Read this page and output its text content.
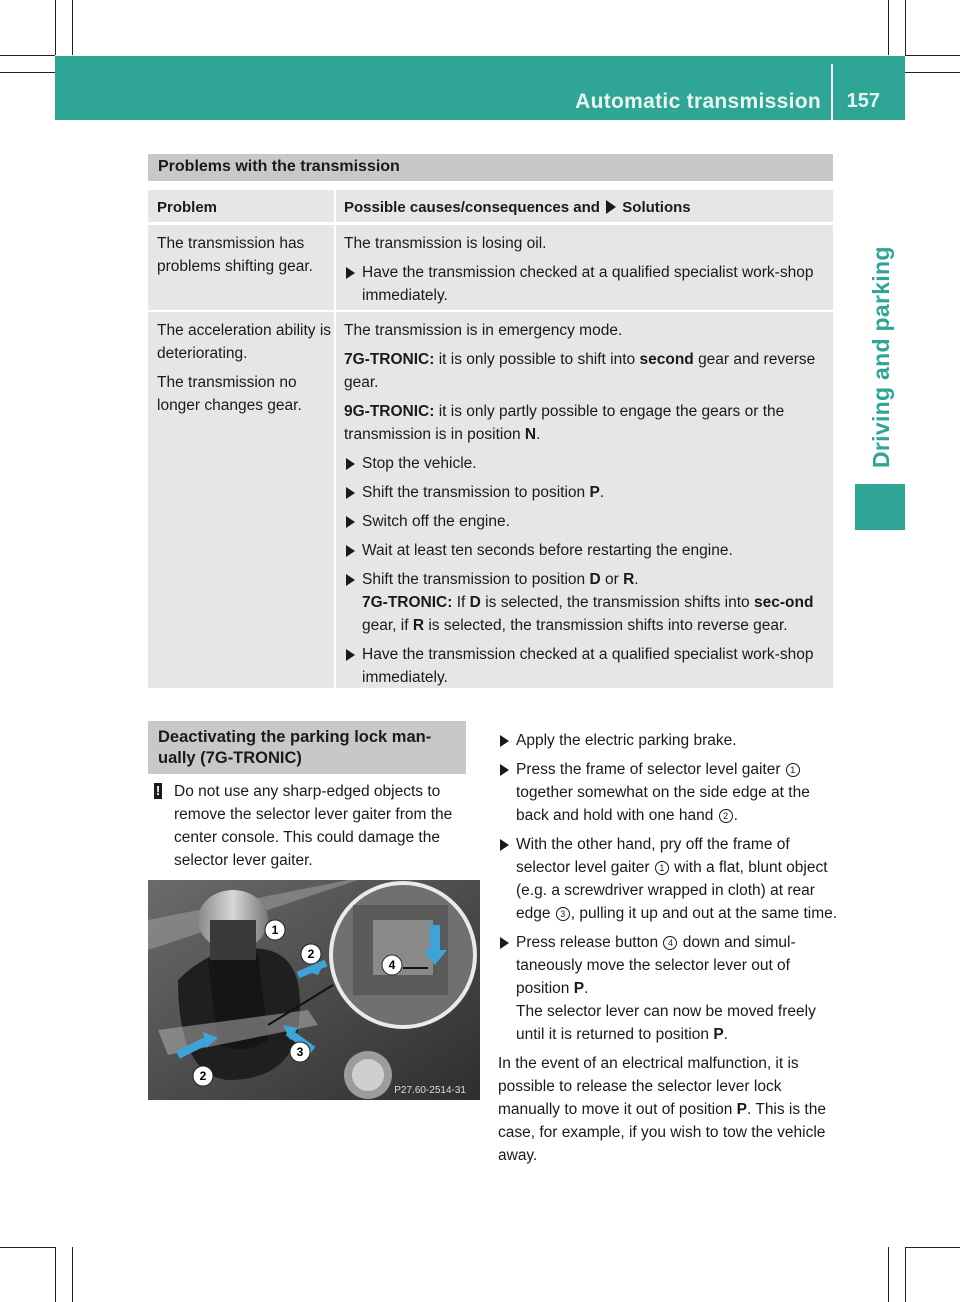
Automatic transmission 157
Driving and parking
Problems with the transmission
Problem	Possible causes/consequences and Solutions
The transmission has problems shifting gear.
The transmission is losing oil.
Have the transmission checked at a qualified specialist work-shop immediately.
The acceleration ability is deteriorating.
The transmission no longer changes gear.
The transmission is in emergency mode.
7G-TRONIC: it is only possible to shift into second gear and reverse gear.
9G-TRONIC: it is only partly possible to engage the gears or the transmission is in position N.
Stop the vehicle.
Shift the transmission to position P.
Switch off the engine.
Wait at least ten seconds before restarting the engine.
Shift the transmission to position D or R.
7G-TRONIC: If D is selected, the transmission shifts into sec-ond gear, if R is selected, the transmission shifts into reverse gear.
Have the transmission checked at a qualified specialist work-shop immediately.
Deactivating the parking lock man-ually (7G-TRONIC)
! Do not use any sharp-edged objects to remove the selector lever gaiter from the center console. This could damage the selector lever gaiter.
1
2
2
3
4
P27.60-2514-31
Apply the electric parking brake.
Press the frame of selector level gaiter 1 together somewhat on the side edge at the back and hold with one hand 2 .
With the other hand, pry off the frame of selector level gaiter 1 with a flat, blunt object (e.g. a screwdriver wrapped in cloth) at rear edge 3 , pulling it up and out at the same time.
Press release button 4 down and simul-taneously move the selector lever out of position P.
The selector lever can now be moved freely until it is returned to position P.
In the event of an electrical malfunction, it is possible to release the selector lever lock manually to move it out of position P. This is the case, for example, if you wish to tow the vehicle away.
